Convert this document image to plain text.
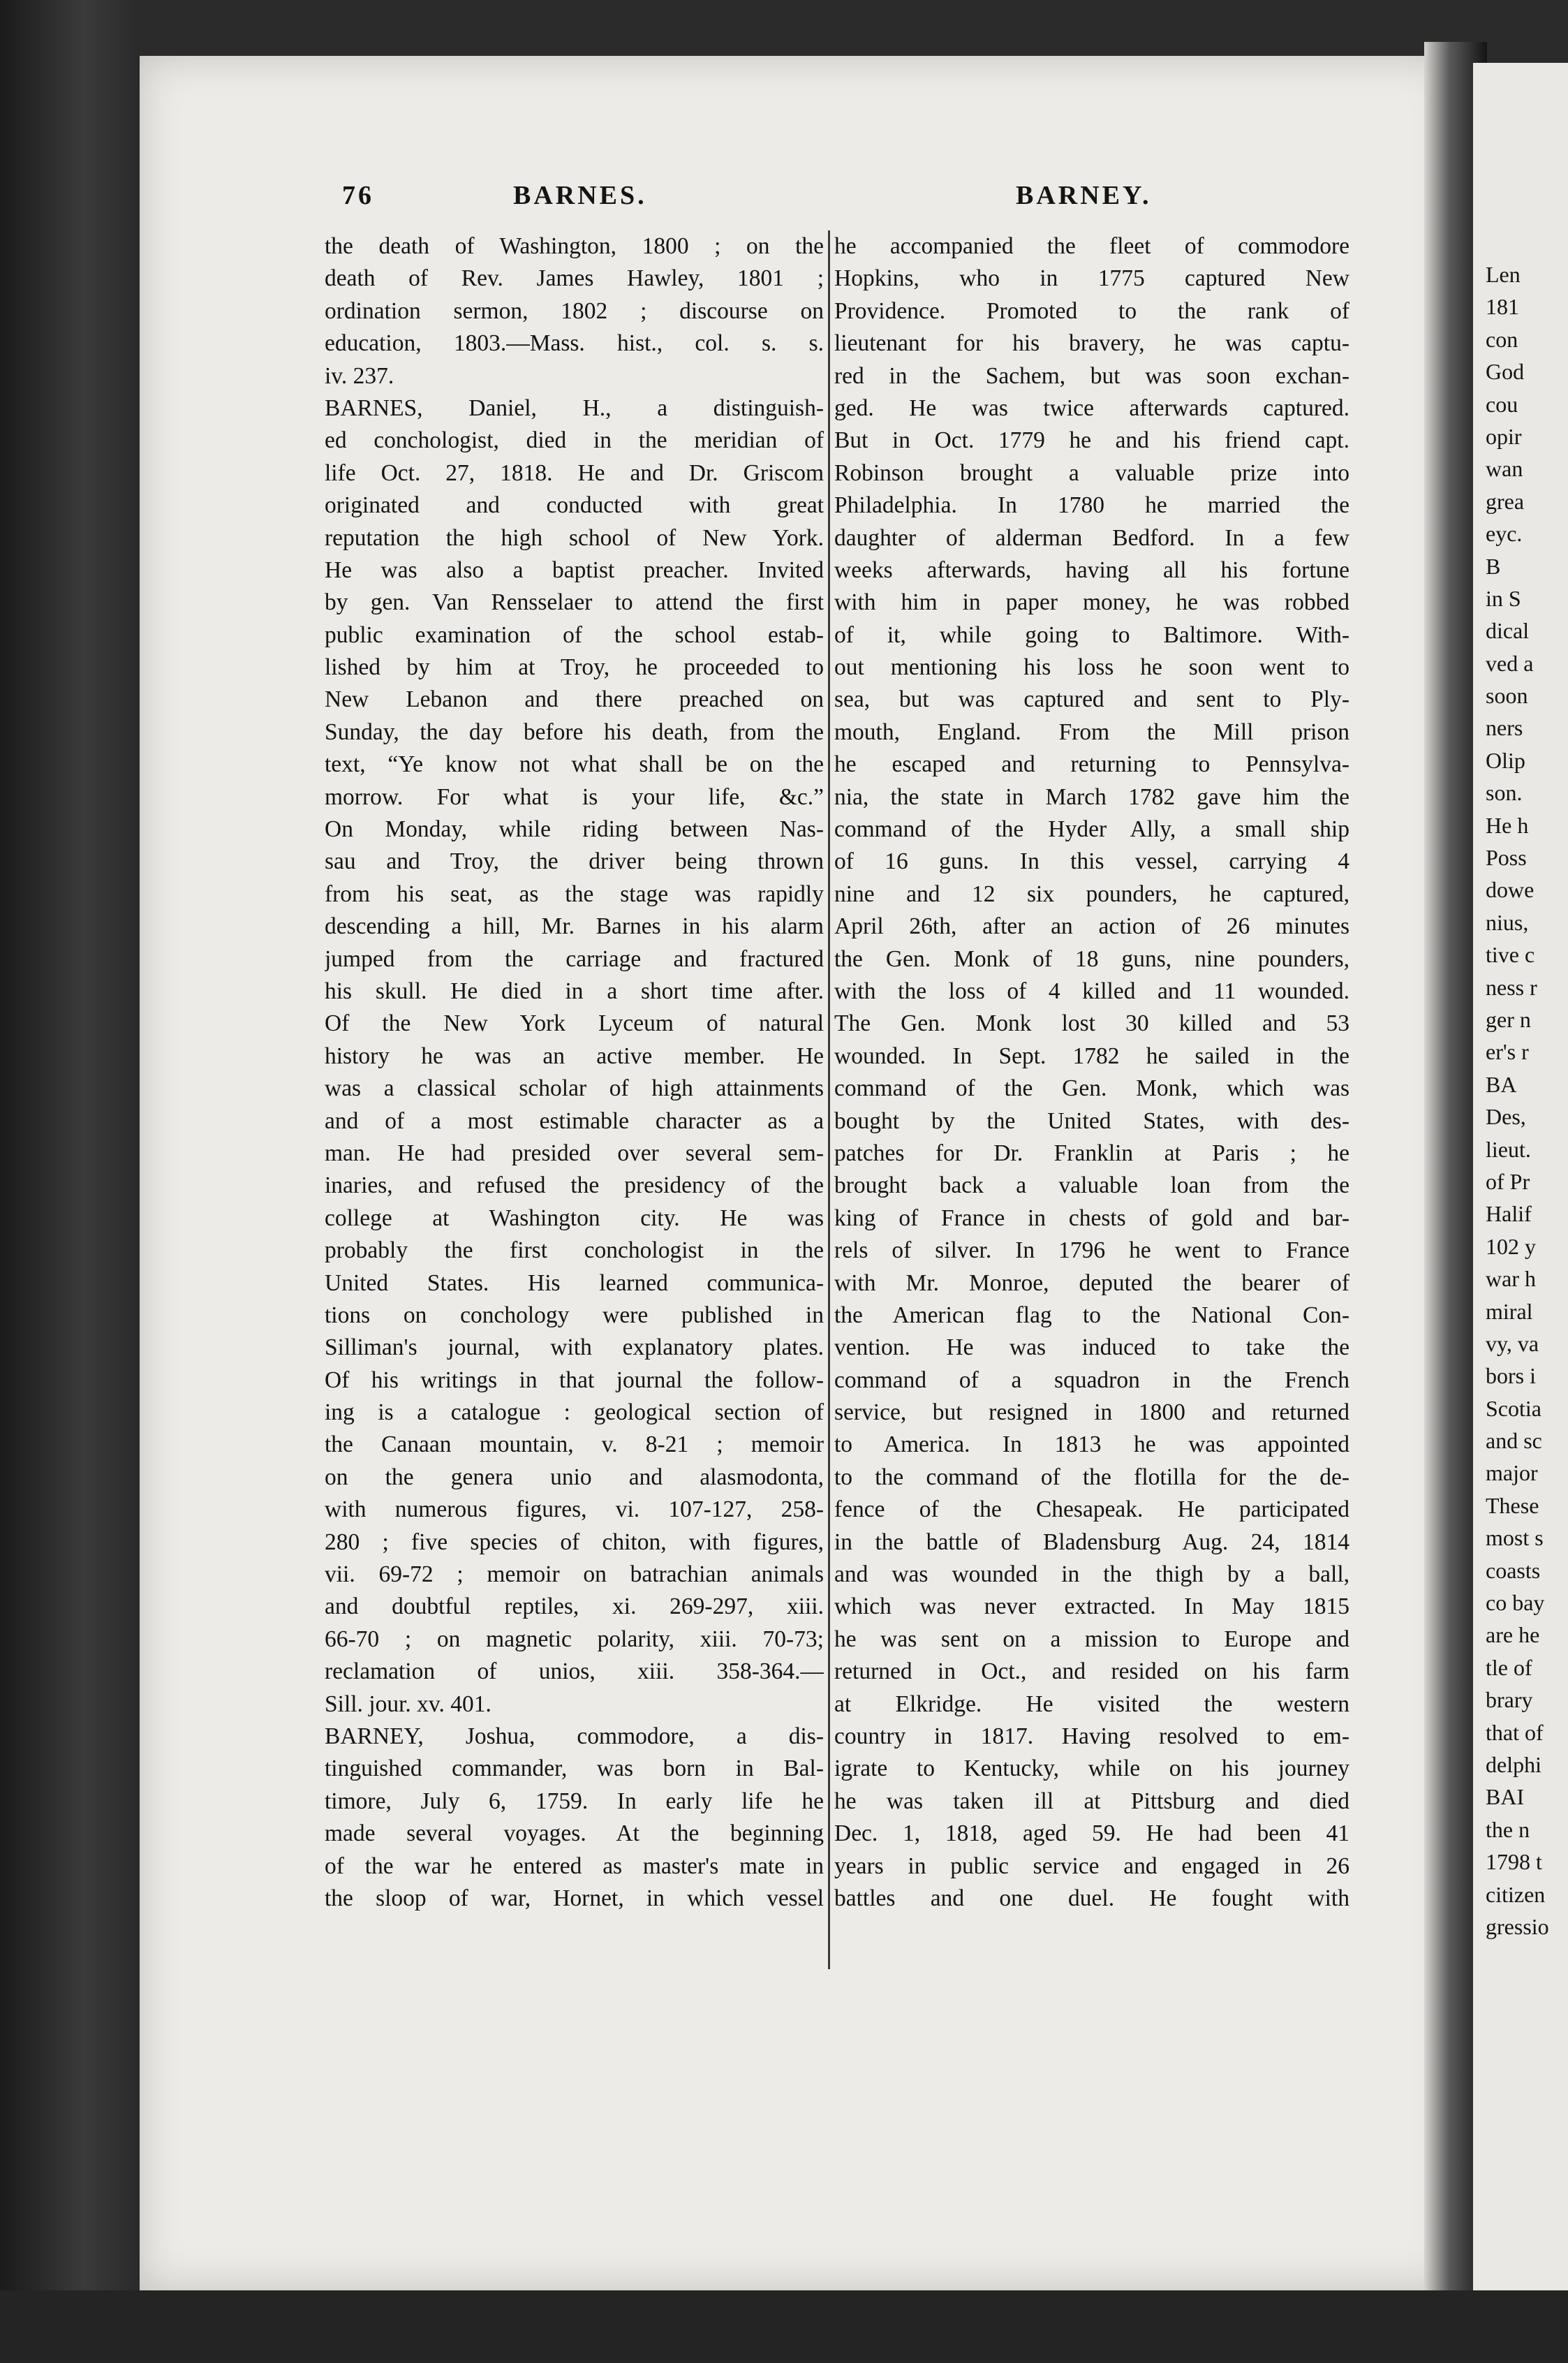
76	BARNES.	BARNEY.
the death of Washington, 1800 ; on the
death of Rev. James Hawley, 1801 ;
ordination sermon, 1802 ; discourse on
education, 1803.—Mass. hist., col. s. s.
iv. 237.
BARNES, Daniel, H., a distinguish-
ed conchologist, died in the meridian of
life Oct. 27, 1818. He and Dr. Griscom
originated and conducted with great
reputation the high school of New York.
He was also a baptist preacher. Invited
by gen. Van Rensselaer to attend the first
public examination of the school estab-
lished by him at Troy, he proceeded to
New Lebanon and there preached on
Sunday, the day before his death, from the
text, “Ye know not what shall be on the
morrow. For what is your life, &c.”
On Monday, while riding between Nas-
sau and Troy, the driver being thrown
from his seat, as the stage was rapidly
descending a hill, Mr. Barnes in his alarm
jumped from the carriage and fractured
his skull. He died in a short time after.
Of the New York Lyceum of natural
history he was an active member. He
was a classical scholar of high attainments
and of a most estimable character as a
man. He had presided over several sem-
inaries, and refused the presidency of the
college at Washington city. He was
probably the first conchologist in the
United States. His learned communica-
tions on conchology were published in
Silliman's journal, with explanatory plates.
Of his writings in that journal the follow-
ing is a catalogue : geological section of
the Canaan mountain, v. 8-21 ; memoir
on the genera unio and alasmodonta,
with numerous figures, vi. 107-127, 258-
280 ; five species of chiton, with figures,
vii. 69-72 ; memoir on batrachian animals
and doubtful reptiles, xi. 269-297, xiii.
66-70 ; on magnetic polarity, xiii. 70-73;
reclamation of unios, xiii. 358-364.—
Sill. jour. xv. 401.
BARNEY, Joshua, commodore, a dis-
tinguished commander, was born in Bal-
timore, July 6, 1759. In early life he
made several voyages. At the beginning
of the war he entered as master's mate in
the sloop of war, Hornet, in which vessel
he accompanied the fleet of commodore
Hopkins, who in 1775 captured New
Providence. Promoted to the rank of
lieutenant for his bravery, he was captu-
red in the Sachem, but was soon exchan-
ged. He was twice afterwards captured.
But in Oct. 1779 he and his friend capt.
Robinson brought a valuable prize into
Philadelphia. In 1780 he married the
daughter of alderman Bedford. In a few
weeks afterwards, having all his fortune
with him in paper money, he was robbed
of it, while going to Baltimore. With-
out mentioning his loss he soon went to
sea, but was captured and sent to Ply-
mouth, England. From the Mill prison
he escaped and returning to Pennsylva-
nia, the state in March 1782 gave him the
command of the Hyder Ally, a small ship
of 16 guns. In this vessel, carrying 4
nine and 12 six pounders, he captured,
April 26th, after an action of 26 minutes
the Gen. Monk of 18 guns, nine pounders,
with the loss of 4 killed and 11 wounded.
The Gen. Monk lost 30 killed and 53
wounded. In Sept. 1782 he sailed in the
command of the Gen. Monk, which was
bought by the United States, with des-
patches for Dr. Franklin at Paris ; he
brought back a valuable loan from the
king of France in chests of gold and bar-
rels of silver. In 1796 he went to France
with Mr. Monroe, deputed the bearer of
the American flag to the National Con-
vention. He was induced to take the
command of a squadron in the French
service, but resigned in 1800 and returned
to America. In 1813 he was appointed
to the command of the flotilla for the de-
fence of the Chesapeak. He participated
in the battle of Bladensburg Aug. 24, 1814
and was wounded in the thigh by a ball,
which was never extracted. In May 1815
he was sent on a mission to Europe and
returned in Oct., and resided on his farm
at Elkridge. He visited the western
country in 1817. Having resolved to em-
igrate to Kentucky, while on his journey
he was taken ill at Pittsburg and died
Dec. 1, 1818, aged 59. He had been 41
years in public service and engaged in 26
battles and one duel. He fought with
Len
181
con
God
cou
opir
wan
grea
eyc.
B
in S
dical
ved a
soon
ners
Olip
son.
He h
Poss
dowe
nius,
tive c
ness r
ger n
er's r
BA
Des,
lieut.
of Pr
Halif
102 y
war h
miral
vy, va
bors i
Scotia
and sc
major
These
most s
coasts
co bay
are he
tle of
brary
that of
delphi
BAI
the n
1798 t
citizen
gressio
